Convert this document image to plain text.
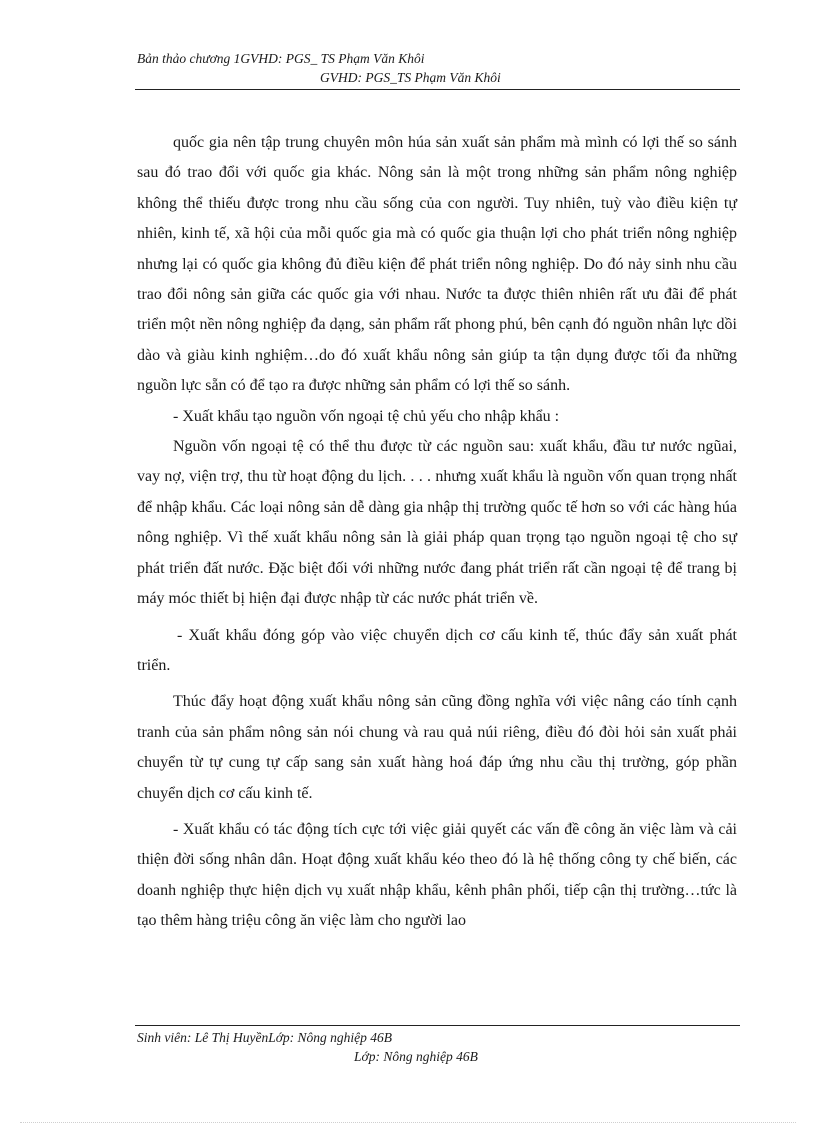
Bản thảo chương 1GVHD: PGS_ TS Phạm Văn Khôi
GVHD: PGS_TS Phạm Văn Khôi

quốc gia nên tập trung chuyên môn húa sản xuất sản phẩm mà mình có lợi thế so sánh sau đó trao đổi với quốc gia khác. Nông sản là một trong những sản phẩm nông nghiệp không thể thiếu được trong nhu cầu sống của con người. Tuy nhiên, tuỳ vào điều kiện tự nhiên, kinh tế, xã hội của mỗi quốc gia mà có quốc gia thuận lợi cho phát triển nông nghiệp nhưng lại có quốc gia không đủ điều kiện để phát triển nông nghiệp. Do đó nảy sinh nhu cầu trao đổi nông sản giữa các quốc gia với nhau. Nước ta được thiên nhiên rất ưu đãi để phát triển một nền nông nghiệp đa dạng, sản phẩm rất phong phú, bên cạnh đó nguồn nhân lực dồi dào và giàu kinh nghiệm…do đó xuất khẩu nông sản giúp ta tận dụng được tối đa những nguồn lực sẵn có để tạo ra được những sản phẩm có lợi thế so sánh.

- Xuất khẩu tạo nguồn vốn ngoại tệ chủ yếu cho nhập khẩu :

Nguồn vốn ngoại tệ có thể thu được từ các nguồn sau: xuất khẩu, đầu tư nước ngũai, vay nợ, viện trợ, thu từ hoạt động du lịch. . . . nhưng xuất khẩu là nguồn vốn quan trọng nhất để nhập khẩu. Các loại nông sản dễ dàng gia nhập thị trường quốc tế hơn so với các hàng húa nông nghiệp. Vì thế xuất khẩu nông sản là giải pháp quan trọng tạo nguồn ngoại tệ cho sự phát triển đất nước. Đặc biệt đối với những nước đang phát triển rất cần ngoại tệ để trang bị máy móc thiết bị hiện đại được nhập từ các nước phát triển về.

- Xuất khẩu đóng góp vào việc chuyển dịch cơ cấu kinh tế, thúc đẩy sản xuất phát triển.

Thúc đẩy hoạt động xuất khẩu nông sản cũng đồng nghĩa với việc nâng cáo tính cạnh tranh của sản phẩm nông sản nói chung và rau quả núi riêng, điều đó đòi hỏi sản xuất phải chuyển từ tự cung tự cấp sang sản xuất hàng hoá đáp ứng nhu cầu thị trường, góp phần chuyển dịch cơ cấu kinh tế.

- Xuất khẩu có tác động tích cực tới việc giải quyết các vấn đề công ăn việc làm và cải thiện đời sống nhân dân. Hoạt động xuất khẩu kéo theo đó là hệ thống công ty chế biến, các doanh nghiệp thực hiện dịch vụ xuất nhập khẩu, kênh phân phối, tiếp cận thị trường…tức là tạo thêm hàng triệu công ăn việc làm cho người lao

Sinh viên: Lê Thị HuyềnLớp: Nông nghiệp 46B
Lớp: Nông nghiệp 46B
